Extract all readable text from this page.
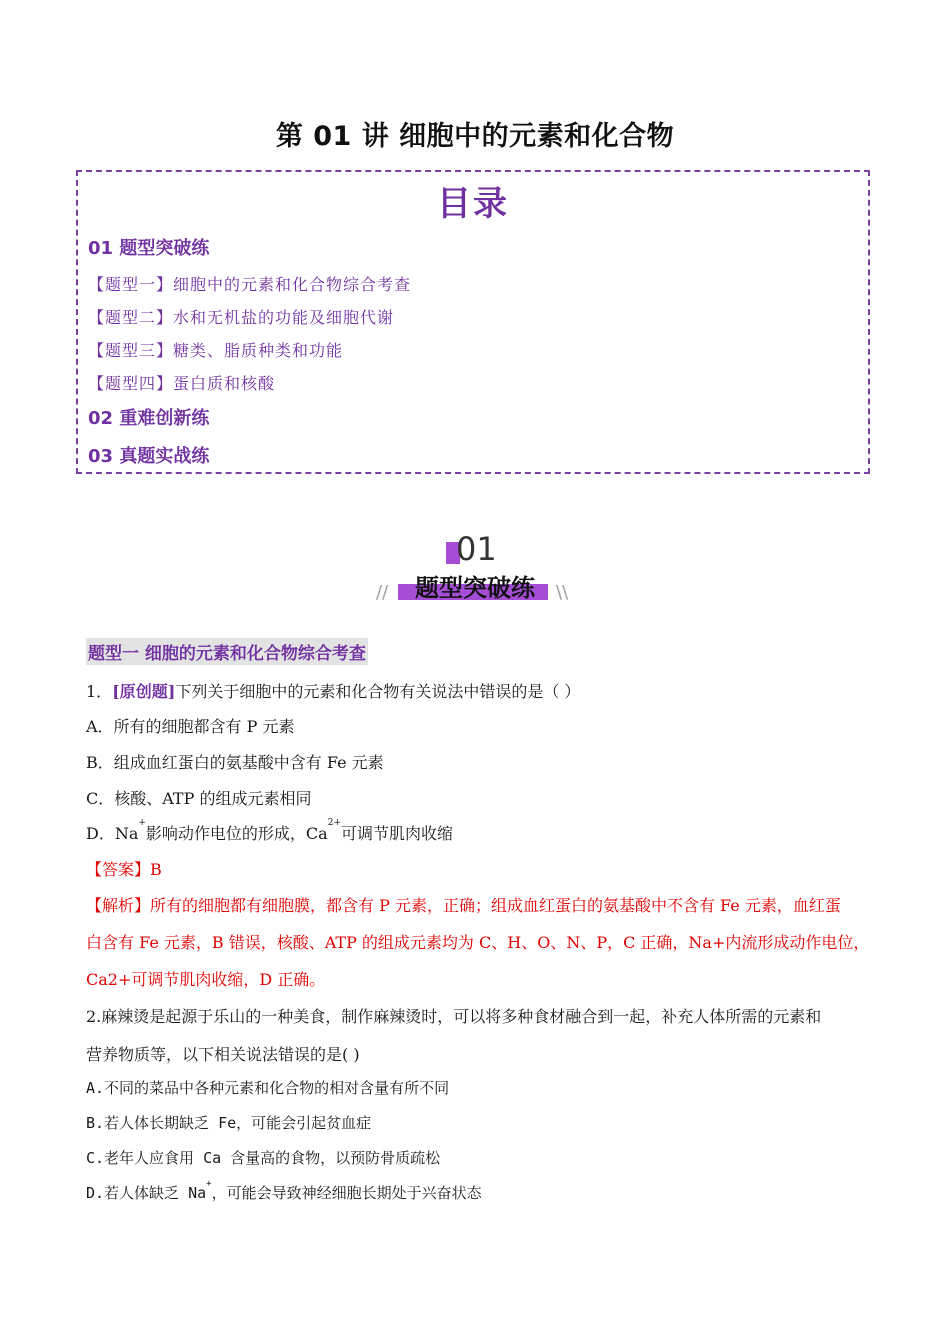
第 01 讲 细胞中的元素和化合物
目录
01 题型突破练
【题型一】细胞中的元素和化合物综合考查
【题型二】水和无机盐的功能及细胞代谢
【题型三】糖类、脂质种类和功能
【题型四】蛋白质和核酸
02 重难创新练
03 真题实战练
01
题型突破练
//	\\
题型一 细胞的元素和化合物综合考查
1．[原创题]下列关于细胞中的元素和化合物有关说法中错误的是（ ）
A．所有的细胞都含有 P 元素
B．组成血红蛋白的氨基酸中含有 Fe 元素
C．核酸、ATP 的组成元素相同
D．Na+影响动作电位的形成，$Ca^{2+}$可调节肌肉收缩
【答案】B
【解析】所有的细胞都有细胞膜，都含有 P 元素，正确；组成血红蛋白的氨基酸中不含有 Fe 元素，血红蛋
白含有 Fe 元素，B 错误，核酸、ATP 的组成元素均为 C、H、O、N、P，C 正确，Na+内流形成动作电位，
Ca2+可调节肌肉收缩，D 正确。
2.麻辣烫是起源于乐山的一种美食，制作麻辣烫时，可以将多种食材融合到一起，补充人体所需的元素和
营养物质等，以下相关说法错误的是( )
A.不同的菜品中各种元素和化合物的相对含量有所不同
B.若人体长期缺乏 Fe，可能会引起贫血症
C.老年人应食用 Ca 含量高的食物，以预防骨质疏松
D.若人体缺乏 Na+，可能会导致神经细胞长期处于兴奋状态
